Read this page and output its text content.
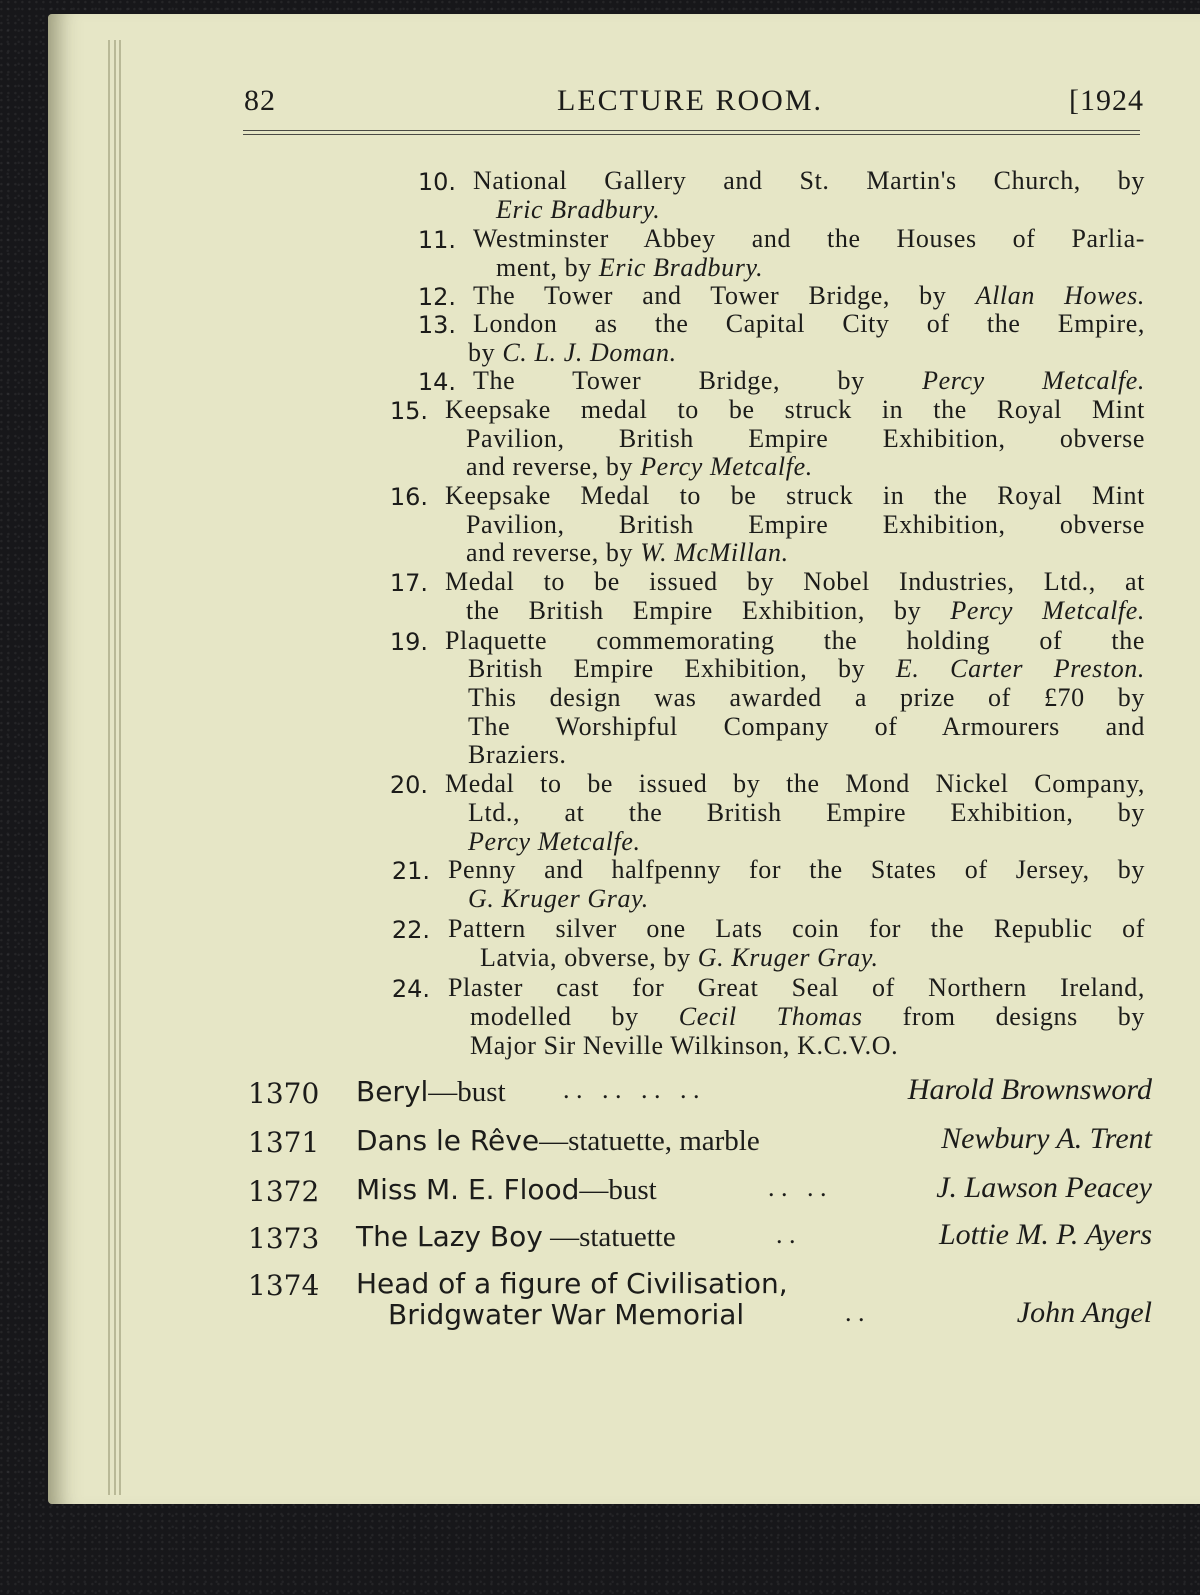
82	LECTURE ROOM.	[1924
10. National Gallery and St. Martin's Church, by
Eric Bradbury.
11. Westminster Abbey and the Houses of Parlia-
ment, by Eric Bradbury.
12. The Tower and Tower Bridge, by Allan Howes.
13. London as the Capital City of the Empire,
by C. L. J. Doman.
14. The Tower Bridge, by Percy Metcalfe.
15. Keepsake medal to be struck in the Royal Mint
Pavilion, British Empire Exhibition, obverse
and reverse, by Percy Metcalfe.
16. Keepsake Medal to be struck in the Royal Mint
Pavilion, British Empire Exhibition, obverse
and reverse, by W. McMillan.
17. Medal to be issued by Nobel Industries, Ltd., at
the British Empire Exhibition, by Percy Metcalfe.
19. Plaquette commemorating the holding of the
British Empire Exhibition, by E. Carter Preston.
This design was awarded a prize of £70 by
The Worshipful Company of Armourers and
Braziers.
20. Medal to be issued by the Mond Nickel Company,
Ltd., at the British Empire Exhibition, by
Percy Metcalfe.
21. Penny and halfpenny for the States of Jersey, by
G. Kruger Gray.
22. Pattern silver one Lats coin for the Republic of
Latvia, obverse, by G. Kruger Gray.
24. Plaster cast for Great Seal of Northern Ireland,
modelled by Cecil Thomas from designs by
Major Sir Neville Wilkinson, K.C.V.O.
1370	Beryl—bust . .   . .   . .   . .	Harold Brownsword
1371	Dans le Rêve—statuette, marble	Newbury A. Trent
1372	Miss M. E. Flood—bust	. .   . .	J. Lawson Peacey
1373	The Lazy Boy —statuette	. .	Lottie M. P. Ayers
1374	Head of a figure of Civilisation,
Bridgwater War Memorial	. .	John Angel
